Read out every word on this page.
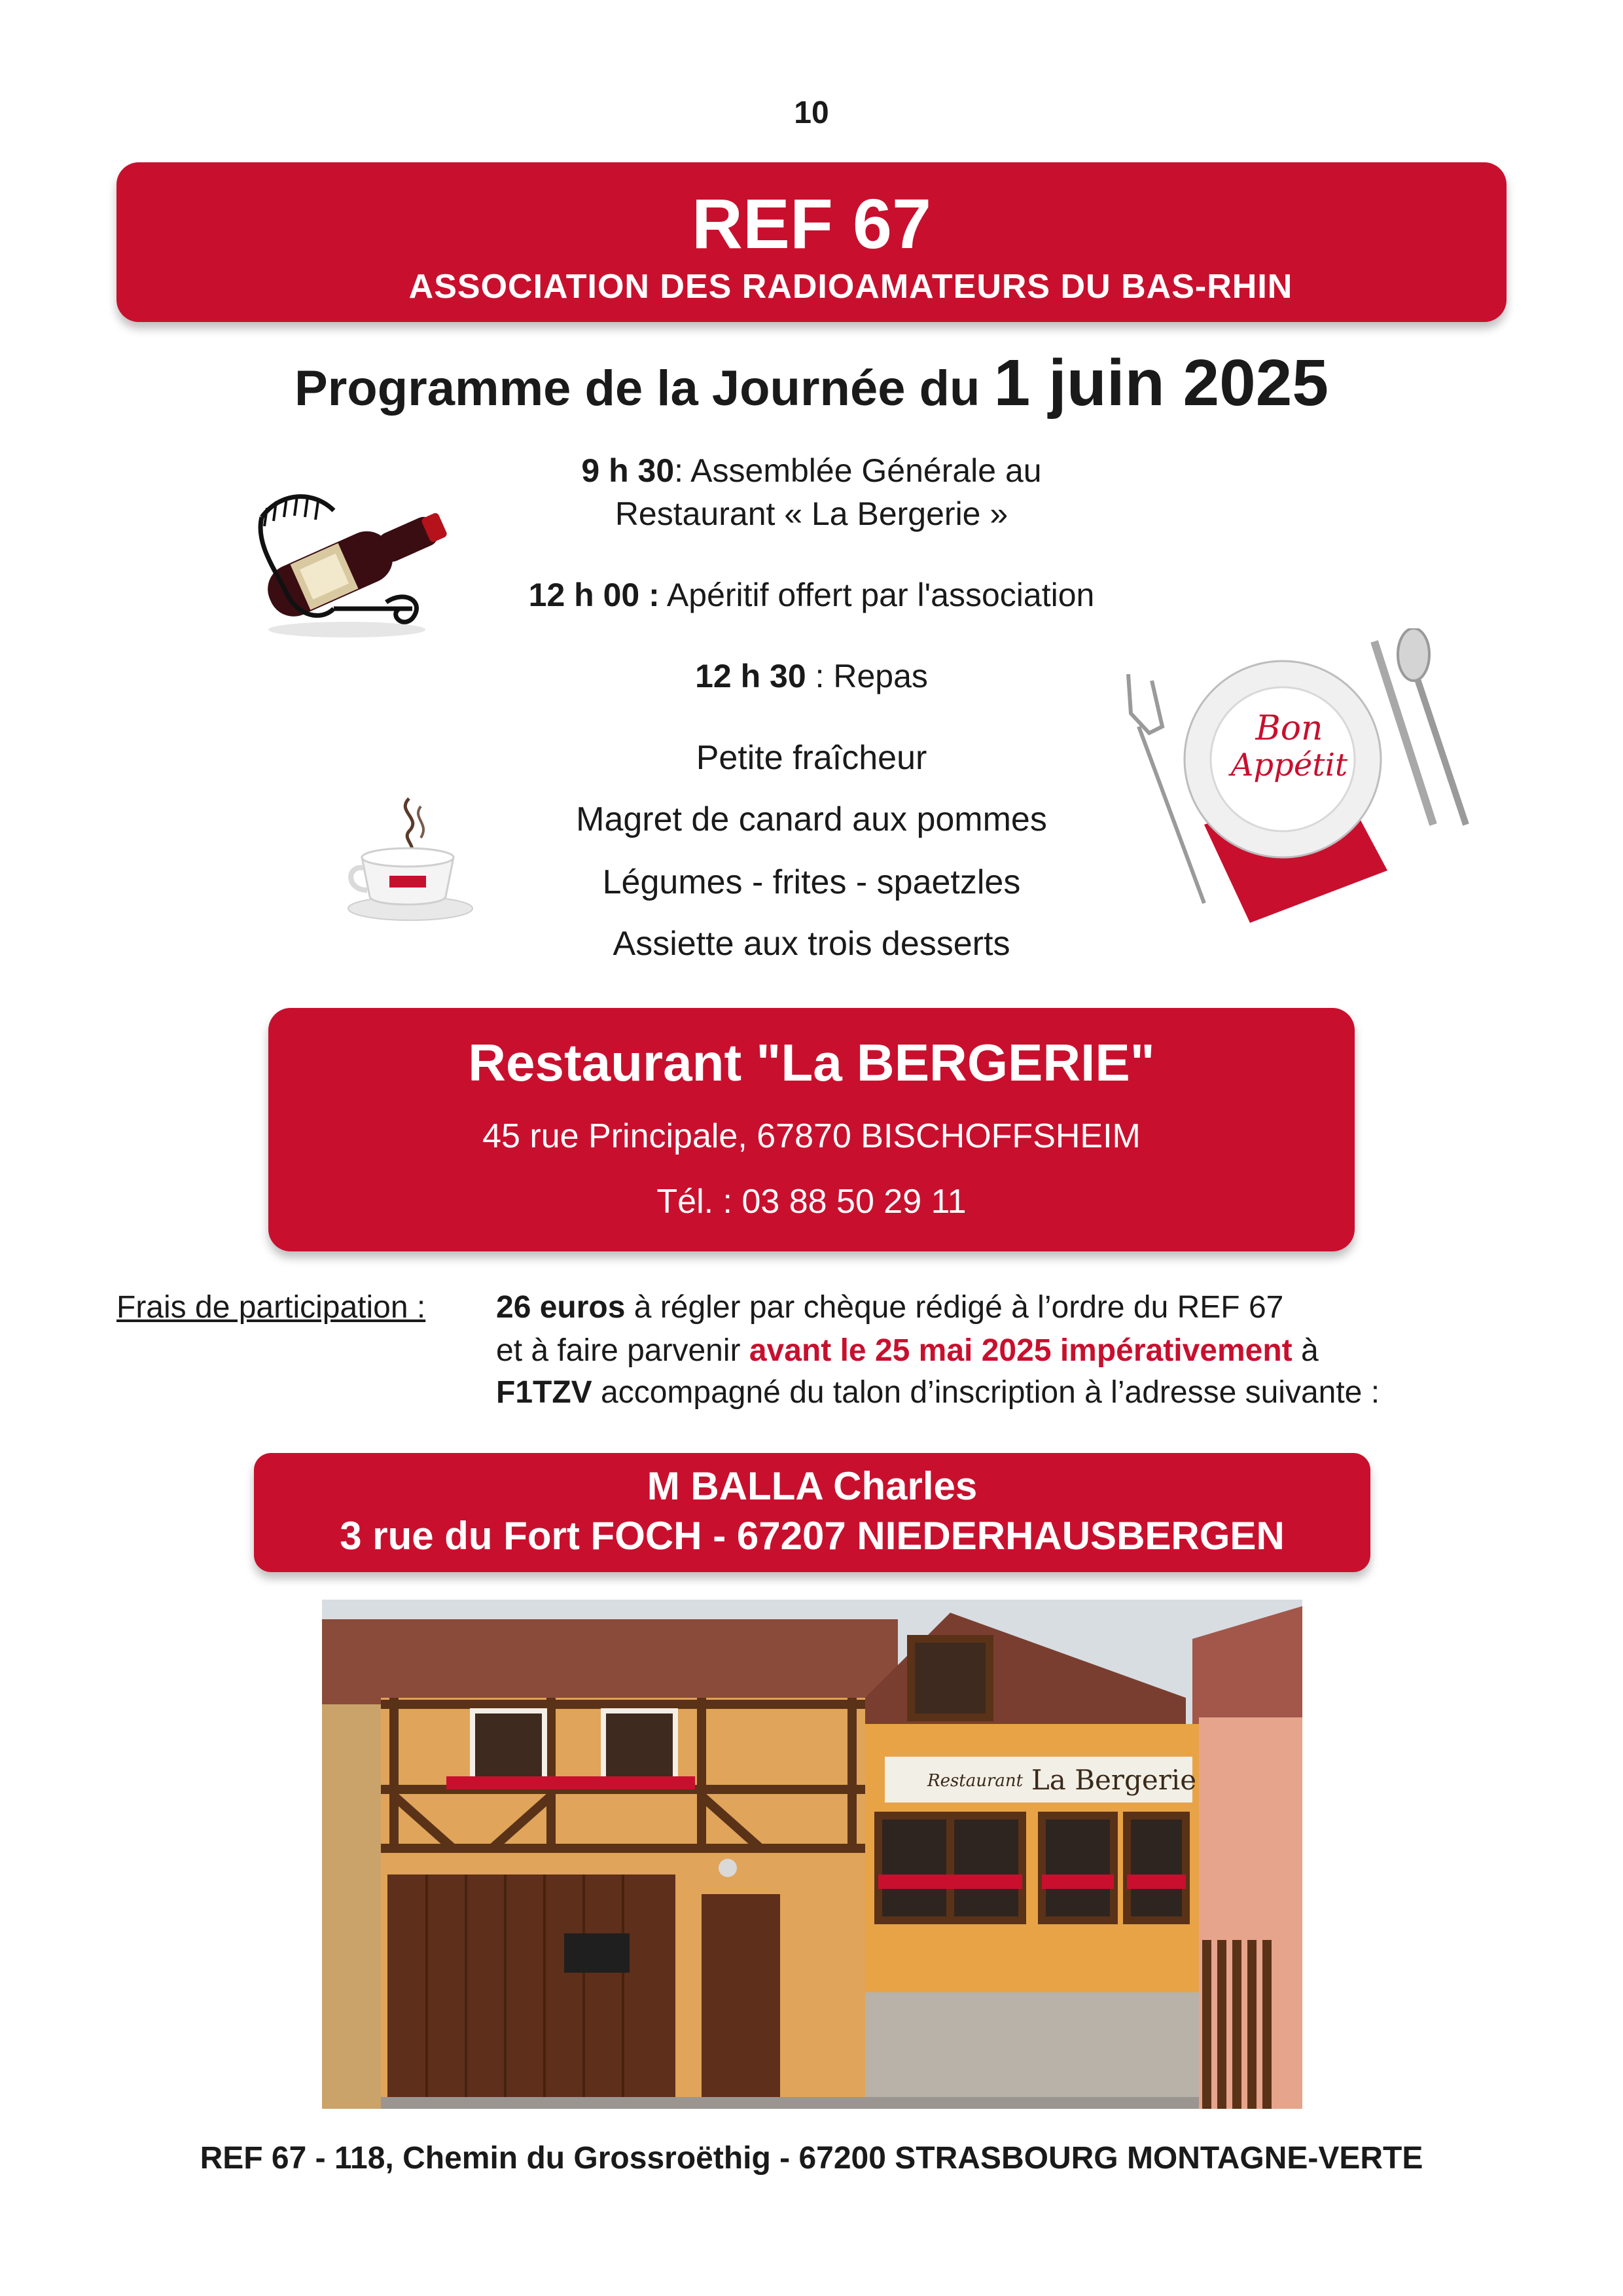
10
REF 67
ASSOCIATION DES RADIOAMATEURS DU BAS-RHIN
Programme de la Journée du 1 juin 2025
9 h 30: Assemblée Générale au
Restaurant « La Bergerie »
12 h 00 : Apéritif offert par l'association
12 h 30 : Repas
Petite fraîcheur
Magret de canard aux pommes
Légumes - frites - spaetzles
Assiette aux trois desserts
Bon
Appétit
Restaurant "La BERGERIE"
45 rue Principale, 67870 BISCHOFFSHEIM
Tél. : 03 88 50 29 11
Frais de participation : 26 euros à régler par chèque rédigé à l’ordre du REF 67
et à faire parvenir avant le 25 mai 2025 impérativement à
F1TZV accompagné du talon d’inscription à l’adresse suivante :
M BALLA Charles
3 rue du Fort FOCH - 67207 NIEDERHAUSBERGEN
Restaurant La Bergerie
REF 67 - 118, Chemin du Grossroëthig - 67200 STRASBOURG MONTAGNE-VERTE
